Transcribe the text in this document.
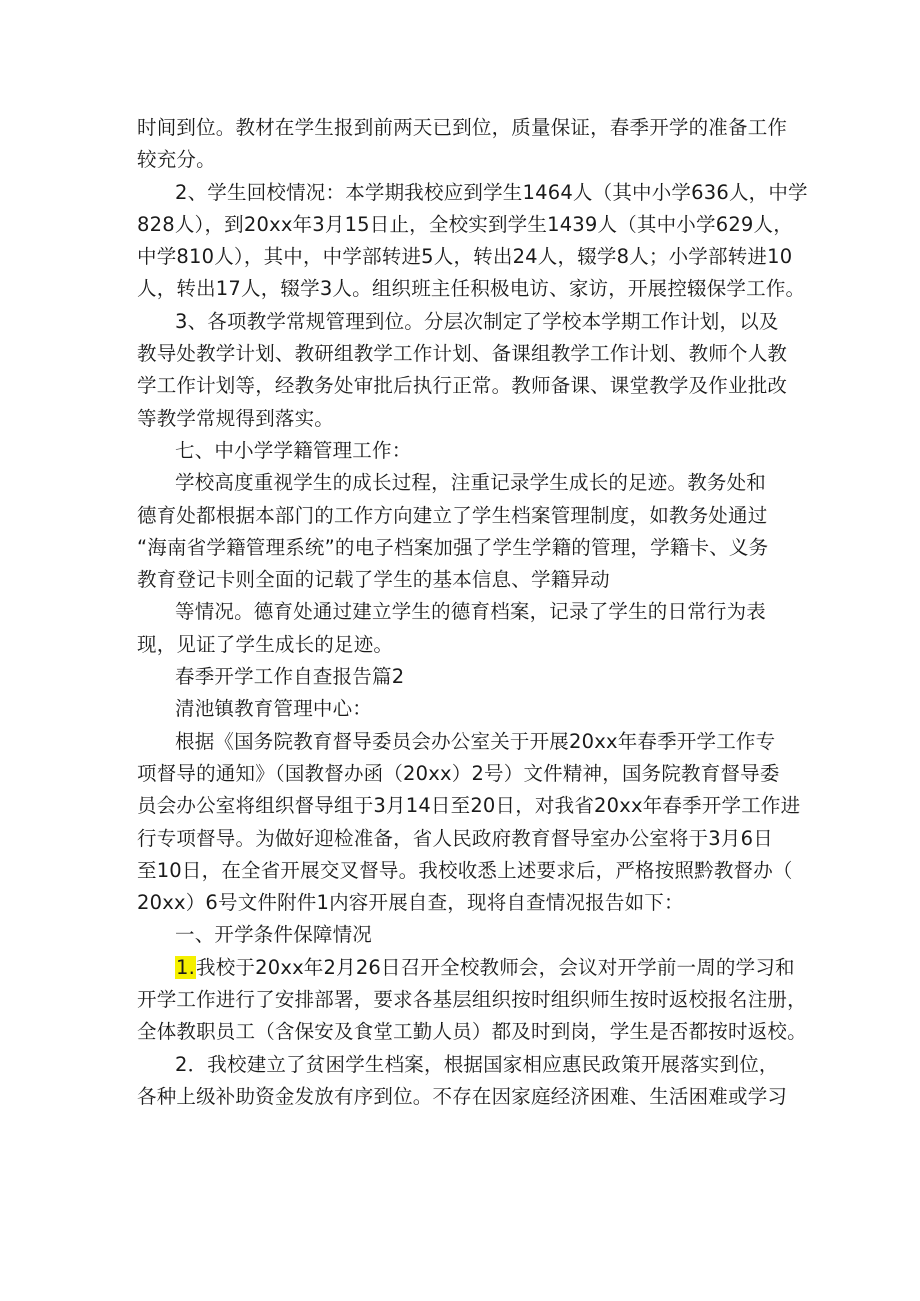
时间到位。教材在学生报到前两天已到位，质量保证，春季开学的准备工作
较充分。
2、学生回校情况：本学期我校应到学生1464人（其中小学636人，中学
828人），到20xx年3月15日止，全校实到学生1439人（其中小学629人，
中学810人），其中，中学部转进5人，转出24人，辍学8人；小学部转进10
人，转出17人，辍学3人。组织班主任积极电访、家访，开展控辍保学工作。
3、各项教学常规管理到位。分层次制定了学校本学期工作计划，以及
教导处教学计划、教研组教学工作计划、备课组教学工作计划、教师个人教
学工作计划等，经教务处审批后执行正常。教师备课、课堂教学及作业批改
等教学常规得到落实。
七、中小学学籍管理工作：
学校高度重视学生的成长过程，注重记录学生成长的足迹。教务处和
德育处都根据本部门的工作方向建立了学生档案管理制度，如教务处通过
“海南省学籍管理系统”的电子档案加强了学生学籍的管理，学籍卡、义务
教育登记卡则全面的记载了学生的基本信息、学籍异动
等情况。德育处通过建立学生的德育档案，记录了学生的日常行为表
现，见证了学生成长的足迹。
春季开学工作自查报告篇2
清池镇教育管理中心：
根据《国务院教育督导委员会办公室关于开展20xx年春季开学工作专
项督导的通知》（国教督办函（20xx）2号）文件精神，国务院教育督导委
员会办公室将组织督导组于3月14日至20日，对我省20xx年春季开学工作进
行专项督导。为做好迎检准备，省人民政府教育督导室办公室将于3月6日
至10日，在全省开展交叉督导。我校收悉上述要求后，严格按照黔教督办（
20xx）6号文件附件1内容开展自查，现将自查情况报告如下：
一、开学条件保障情况
1.我校于20xx年2月26日召开全校教师会，会议对开学前一周的学习和
开学工作进行了安排部署，要求各基层组织按时组织师生按时返校报名注册，
全体教职员工（含保安及食堂工勤人员）都及时到岗，学生是否都按时返校。
2．我校建立了贫困学生档案，根据国家相应惠民政策开展落实到位，
各种上级补助资金发放有序到位。不存在因家庭经济困难、生活困难或学习
